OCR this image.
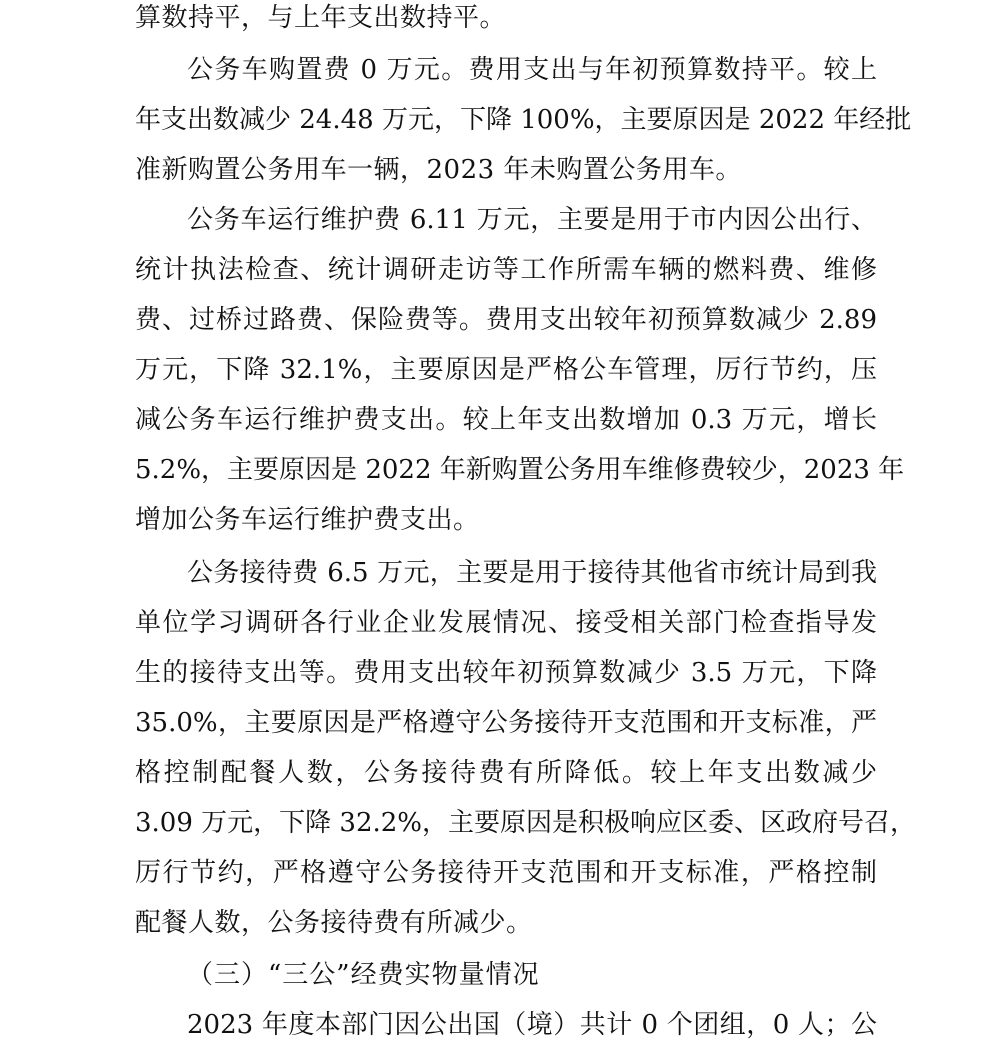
算数持平，与上年支出数持平。
公务车购置费 0 万元。费用支出与年初预算数持平。较上
年支出数减少 24.48 万元，下降 100%，主要原因是 2022 年经批
准新购置公务用车一辆，2023 年未购置公务用车。
公务车运行维护费 6.11 万元，主要是用于市内因公出行、
统计执法检查、统计调研走访等工作所需车辆的燃料费、维修
费、过桥过路费、保险费等。费用支出较年初预算数减少 2.89
万元，下降 32.1%，主要原因是严格公车管理，厉行节约，压
减公务车运行维护费支出。较上年支出数增加 0.3 万元，增长
5.2%，主要原因是 2022 年新购置公务用车维修费较少，2023 年
增加公务车运行维护费支出。
公务接待费 6.5 万元，主要是用于接待其他省市统计局到我
单位学习调研各行业企业发展情况、接受相关部门检查指导发
生的接待支出等。费用支出较年初预算数减少 3.5 万元，下降
35.0%，主要原因是严格遵守公务接待开支范围和开支标准，严
格控制配餐人数，公务接待费有所降低。较上年支出数减少
3.09 万元，下降 32.2%，主要原因是积极响应区委、区政府号召，
厉行节约，严格遵守公务接待开支范围和开支标准，严格控制
配餐人数，公务接待费有所减少。
（三）“三公”经费实物量情况
2023 年度本部门因公出国（境）共计 0 个团组，0 人；公
